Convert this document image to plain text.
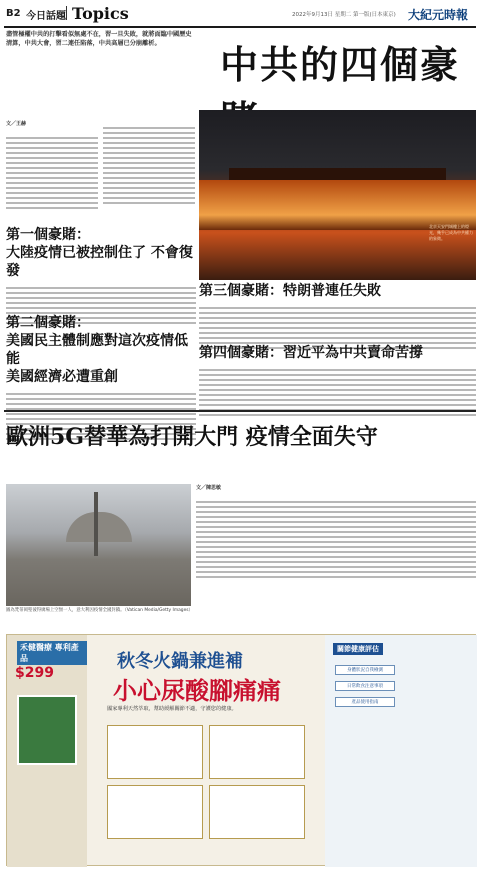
B2 今日話題 Topics	2022年9月13日 星期二 第一版(日本東京) 大紀元時報

盡管極權中共的打擊看似無處不在，習一旦失敗，就將面臨中國歷史清算，中共大會，習二連任陷落，中共高層已分崩離析。	中共的四個豪
北京天安門城樓上的燈光，幾乎已成為中共權力的象徵。
文／王赫
第一個豪賭：
大陸疫情已被控制住了 不會復發
第二個豪賭：
美國民主體制應對這次疫情低能
美國經濟必遭重創
第三個豪賭：特朗普連任失敗
第四個豪賭：習近平為中共賣命苦撐
歐洲5G替華為打開大門 疫情全面失守
圖為梵蒂岡聖彼得廣場上空無一人，意大利因疫情全國封鎖。（Vatican Media/Getty Images）
文／陳思敏
禾健醫療 專利產品
$299
秋冬火鍋兼進補
小心尿酸腳痛痛
國家專利天然萃取，幫助緩解關節不適，守護您的健康。
關節健康評估
身體狀況自我檢測
日常飲食注意事項
產品使用指南
